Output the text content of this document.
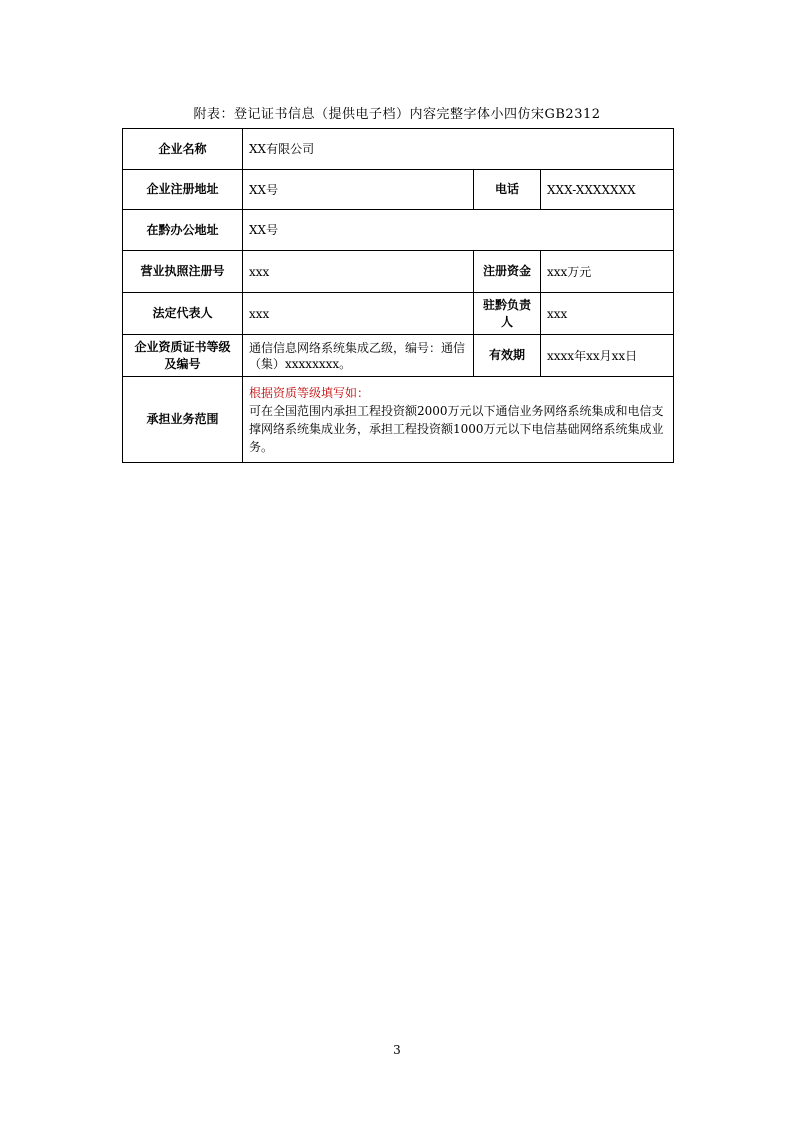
附表：登记证书信息（提供电子档）内容完整字体小四仿宋GB2312
企业名称	XX有限公司		
企业注册地址	XX号	电话	XXX-XXXXXXX
在黔办公地址	XX号		
营业执照注册号	xxx	注册资金	xxx万元
法定代表人	xxx	驻黔负责人	xxx
企业资质证书等级及编号	通信信息网络系统集成乙级，编号：通信（集）xxxxxxxx。	有效期	xxxx年xx月xx日
承担业务范围	根据资质等级填写如：
可在全国范围内承担工程投资额2000万元以下通信业务网络系统集成和电信支撑网络系统集成业务，承担工程投资额1000万元以下电信基础网络系统集成业务。		
3
